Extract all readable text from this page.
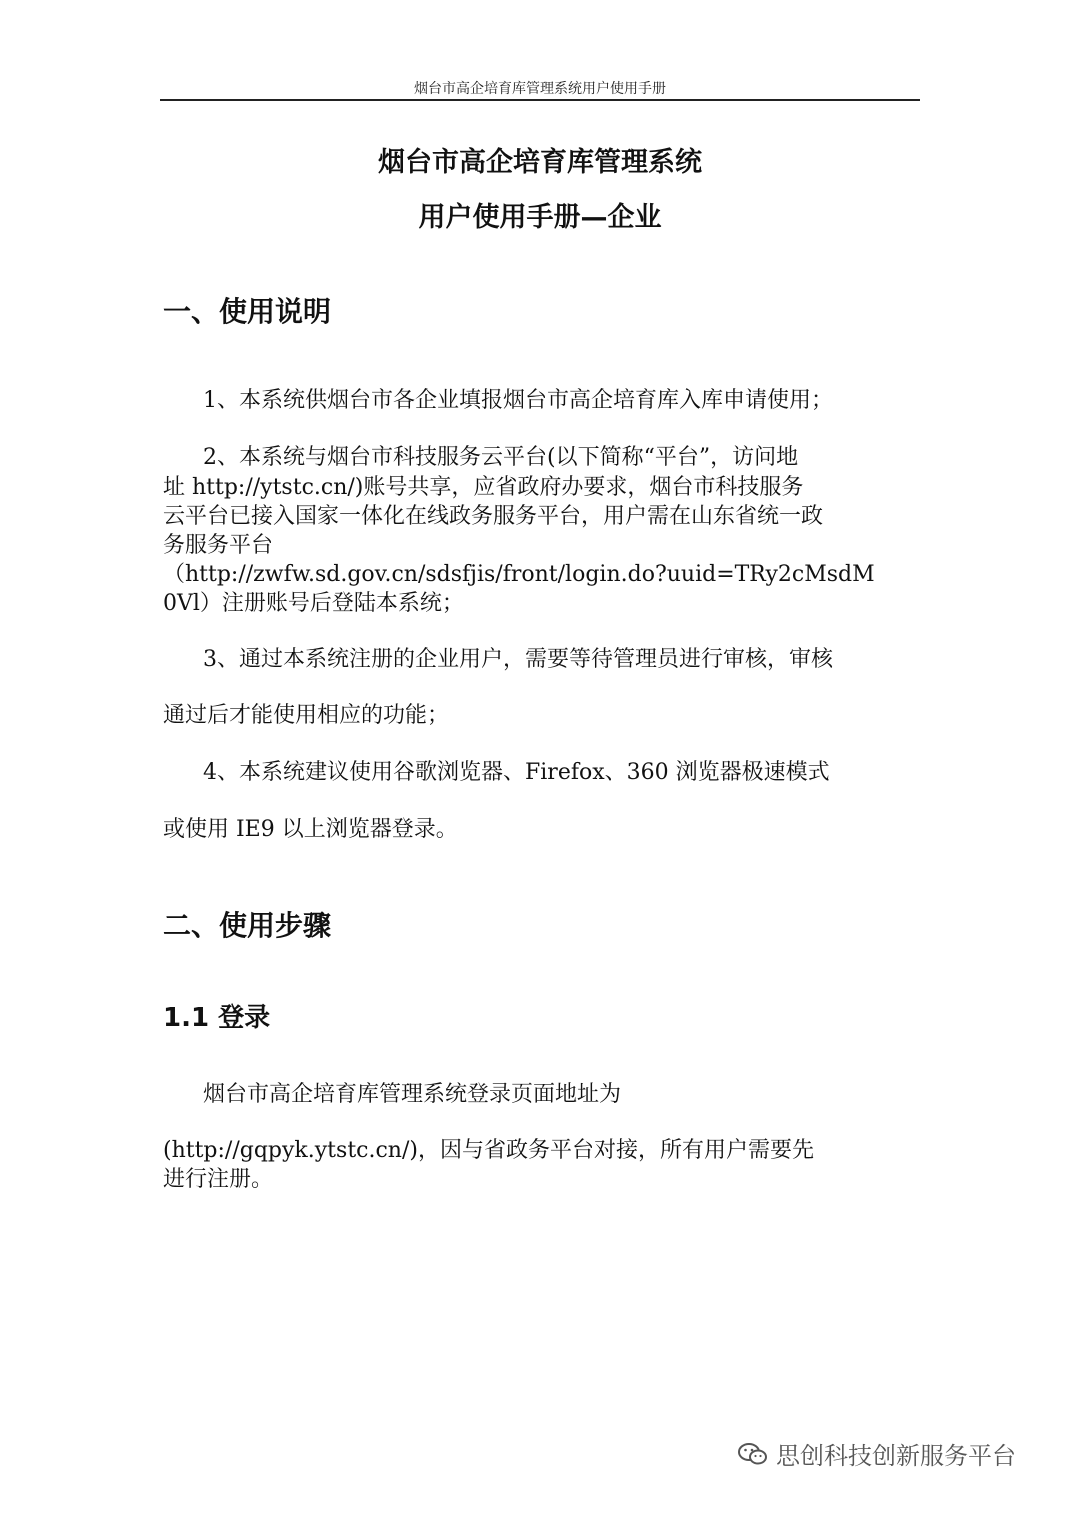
烟台市高企培育库管理系统用户使用手册
烟台市高企培育库管理系统
用户使用手册—企业
一、使用说明
1、本系统供烟台市各企业填报烟台市高企培育库入库申请使用；
2、本系统与烟台市科技服务云平台(以下简称“平台”，访问地
址 http://ytstc.cn/)账号共享，应省政府办要求，烟台市科技服务
云平台已接入国家一体化在线政务服务平台，用户需在山东省统一政
务服务平台
（http://zwfw.sd.gov.cn/sdsfjis/front/login.do?uuid=TRy2cMsdM
0Vl）注册账号后登陆本系统；
3、通过本系统注册的企业用户，需要等待管理员进行审核，审核
通过后才能使用相应的功能；
4、本系统建议使用谷歌浏览器、Firefox、360 浏览器极速模式
或使用 IE9 以上浏览器登录。
二、使用步骤
1.1 登录
烟台市高企培育库管理系统登录页面地址为
(http://gqpyk.ytstc.cn/)，因与省政务平台对接，所有用户需要先
进行注册。
思创科技创新服务平台
